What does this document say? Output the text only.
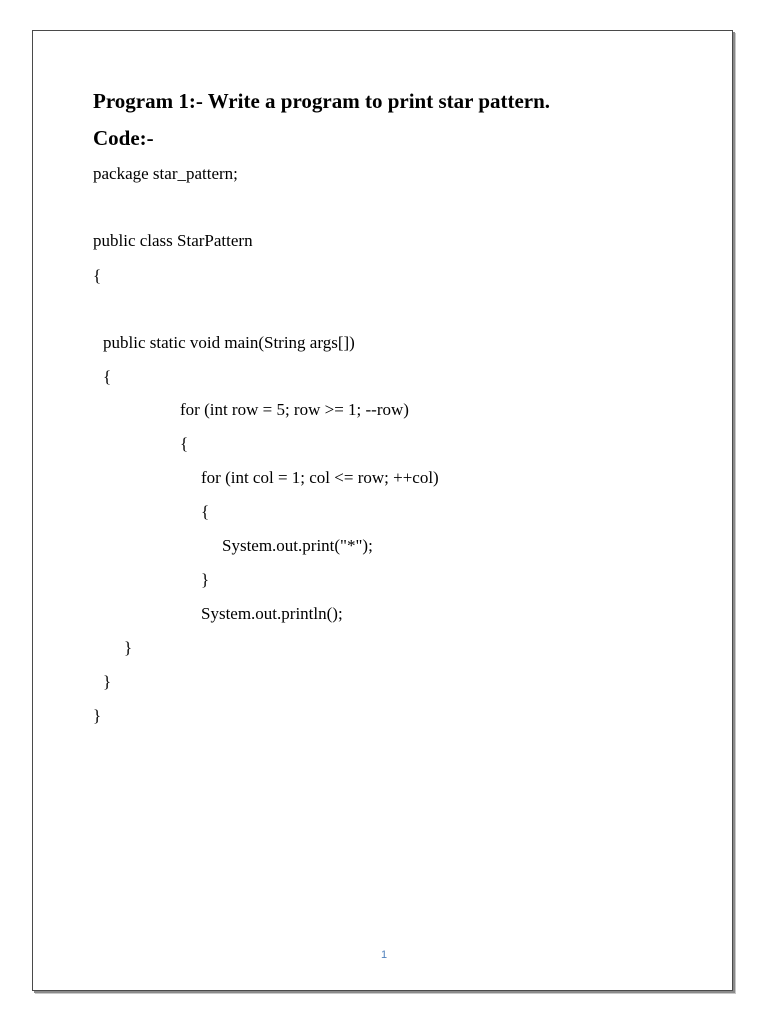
Program 1:- Write a program to print star pattern.
Code:-
package star_pattern;
public class StarPattern
{
public static void main(String args[])
{
for (int row = 5; row >= 1; --row)
{
for (int col = 1; col <= row; ++col)
{
System.out.print("*");
}
System.out.println();
}
}
}
1
